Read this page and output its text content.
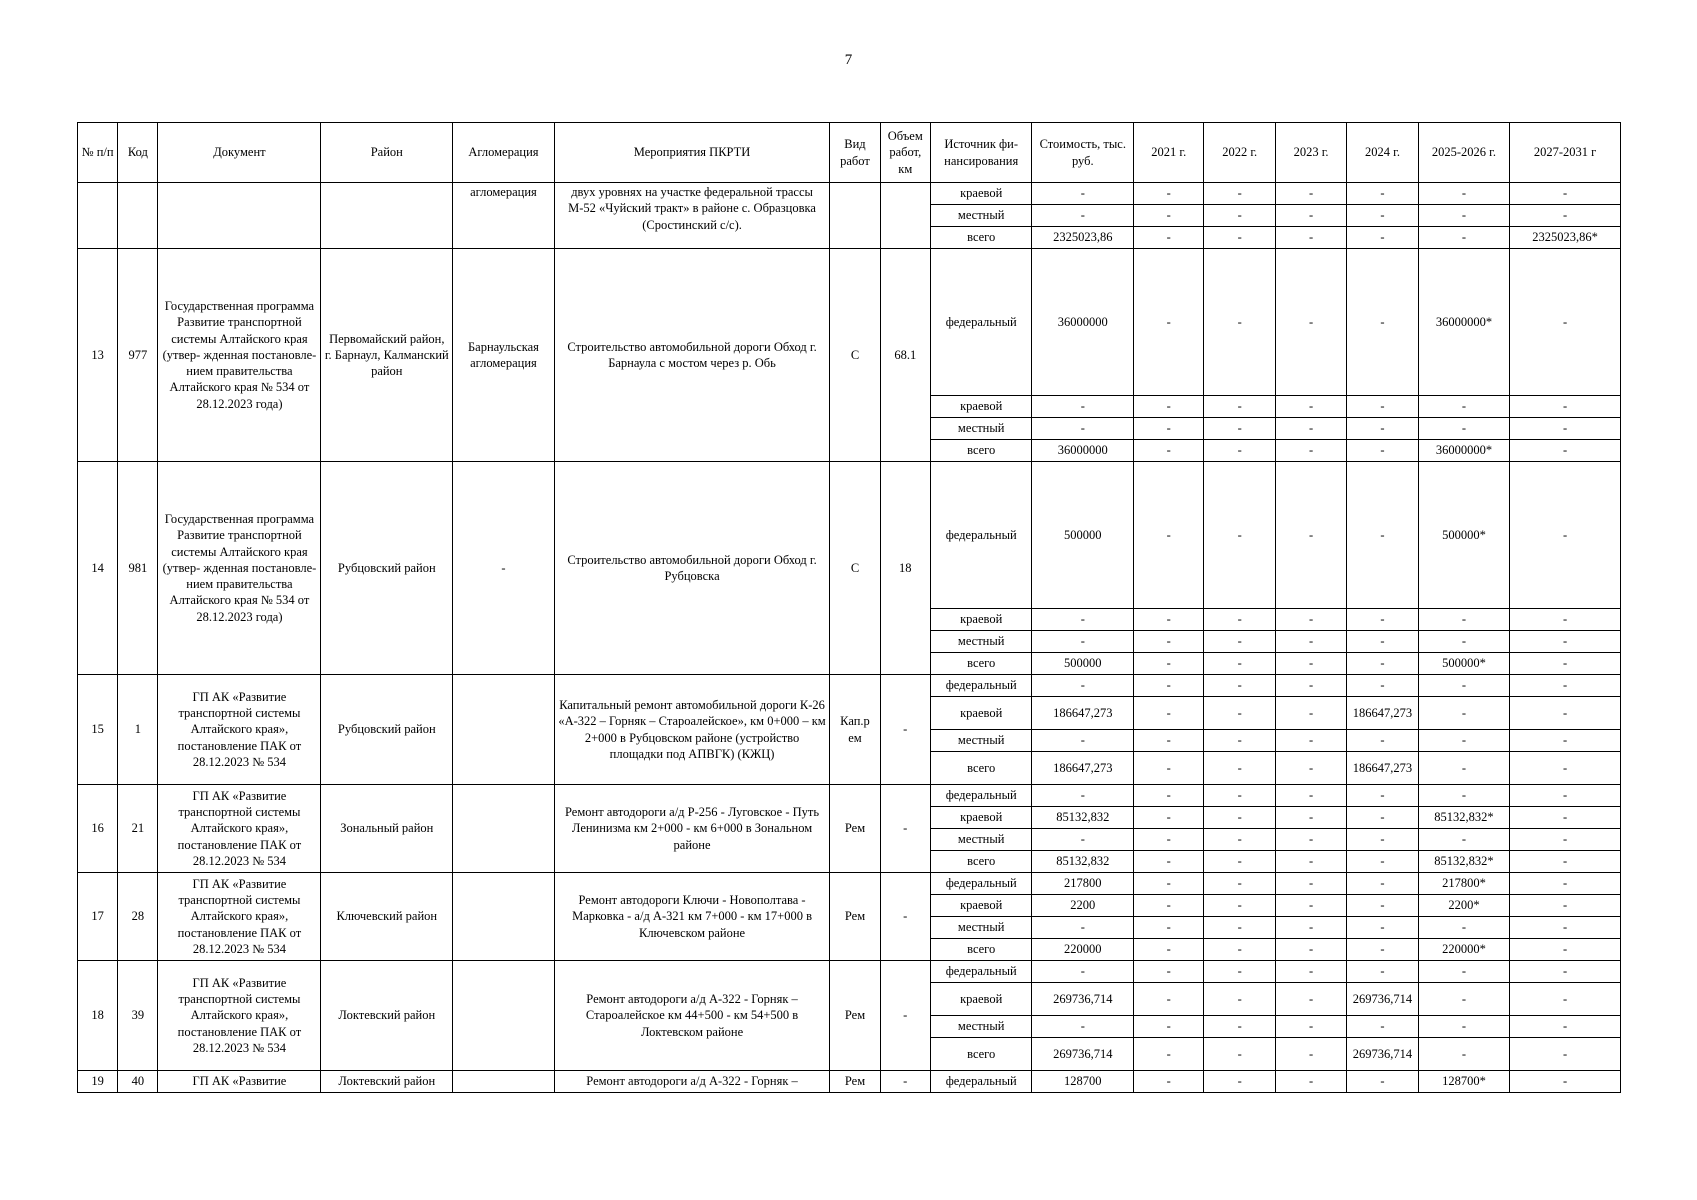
7
№ п/п	Код	Документ	Район	Агломерация	Мероприятия ПКРТИ	Вид работ	Объем работ, км	Источник фи- нансирования	Стоимость, тыс. руб.	2021 г.	2022 г.	2023 г.	2024 г.	2025-2026 г.	2027-2031 г
				агломерация	двух уровнях на участке федеральной трассы М-52 «Чуйский тракт» в районе с. Образцовка (Сростинский с/с).			краевой	-	-	-	-	-	-	-
								местный	-	-	-	-	-	-	-
								всего	2325023,86	-	-	-	-	-	2325023,86*
13	977	Государственная программа Развитие транспортной системы Алтайского края (утвер- жденная постановле- нием правительства Алтайского края № 534 от 28.12.2023 года)	Первомайский район, г. Барнаул, Калманский район	Барнаульская агломерация	Строительство автомобильной дороги Обход г. Барнаула с мостом через р. Обь	С	68.1	федеральный	36000000	-	-	-	-	36000000*	-
								краевой	-	-	-	-	-	-	-
								местный	-	-	-	-	-	-	-
								всего	36000000	-	-	-	-	36000000*	-
14	981	Государственная программа Развитие транспортной системы Алтайского края (утвер- жденная постановле- нием правительства Алтайского края № 534 от 28.12.2023 года)	Рубцовский район	-	Строительство автомобильной дороги Обход г. Рубцовска	С	18	федеральный	500000	-	-	-	-	500000*	-
								краевой	-	-	-	-	-	-	-
								местный	-	-	-	-	-	-	-
								всего	500000	-	-	-	-	500000*	-
15	1	ГП АК «Развитие транспортной системы Алтайского края», постановление ПАК от 28.12.2023 № 534	Рубцовский район		Капитальный ремонт автомобильной дороги К-26 «А-322 – Горняк – Староалейское», км 0+000 – км 2+000 в Рубцовском районе (устройство площадки под АПВГК) (КЖЦ)	Кап.р ем	-	федеральный	-	-	-	-	-	-	-
								краевой	186647,273	-	-	-	186647,273	-	-
								местный	-	-	-	-	-	-	-
								всего	186647,273	-	-	-	186647,273	-	-
16	21	ГП АК «Развитие транспортной системы Алтайского края», постановление ПАК от 28.12.2023 № 534	Зональный район		Ремонт автодороги а/д Р-256 - Луговское - Путь Ленинизма км 2+000 - км 6+000 в Зональном районе	Рем	-	федеральный	-	-	-	-	-	-	-
								краевой	85132,832	-	-	-	-	85132,832*	-
								местный	-	-	-	-	-	-	-
								всего	85132,832	-	-	-	-	85132,832*	-
17	28	ГП АК «Развитие транспортной системы Алтайского края», постановление ПАК от 28.12.2023 № 534	Ключевский район		Ремонт автодороги Ключи - Новополтава - Марковка - а/д А-321 км 7+000 - км 17+000 в Ключевском районе	Рем	-	федеральный	217800	-	-	-	-	217800*	-
								краевой	2200	-	-	-	-	2200*	-
								местный	-	-	-	-	-	-	-
								всего	220000	-	-	-	-	220000*	-
18	39	ГП АК «Развитие транспортной системы Алтайского края», постановление ПАК от 28.12.2023 № 534	Локтевский район		Ремонт автодороги а/д А-322 - Горняк – Староалейское км 44+500 - км 54+500 в Локтевском районе	Рем	-	федеральный	-	-	-	-	-	-	-
								краевой	269736,714	-	-	-	269736,714	-	-
								местный	-	-	-	-	-	-	-
								всего	269736,714	-	-	-	269736,714	-	-
19	40	ГП АК «Развитие	Локтевский район		Ремонт автодороги а/д А-322 - Горняк –	Рем	-	федеральный	128700	-	-	-	-	128700*	-
